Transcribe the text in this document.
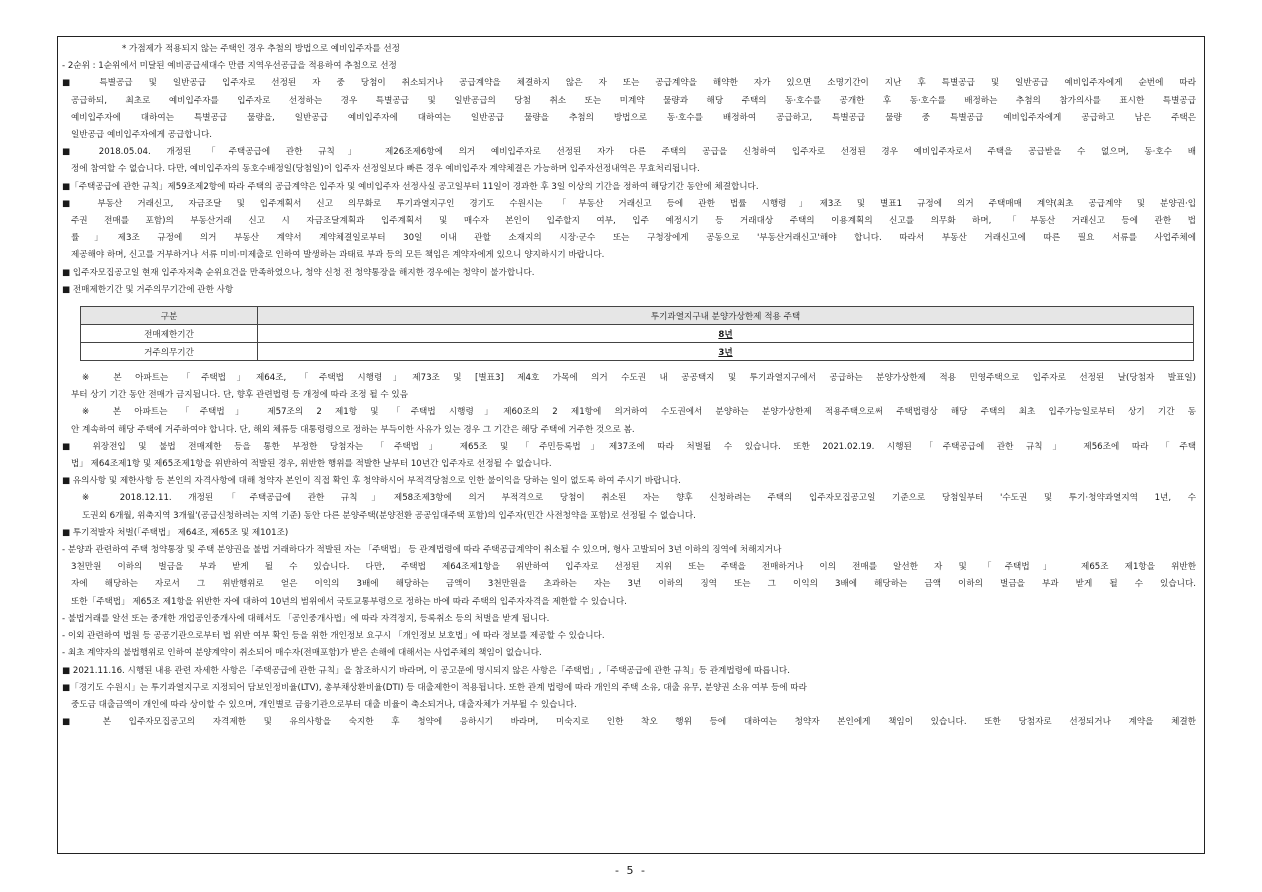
* 가점제가 적용되지 않는 주택인 경우 추첨의 방법으로 예비입주자를 선정

- 2순위 : 1순위에서 미달된 예비공급세대수 만큼 지역우선공급을 적용하여 추첨으로 선정

■ 특별공급 및 일반공급 입주자로 선정된 자 중 당첨이 취소되거나 공급계약을 체결하지 않은 자 또는 공급계약을 해약한 자가 있으면 소명기간이 지난 후 특별공급 및 일반공급 예비입주자에게 순번에 따라

공급하되, 최초로 예비입주자를 입주자로 선정하는 경우 특별공급 및 일반공급의 당첨 취소 또는 미계약 물량과 해당 주택의 동·호수를 공개한 후 동·호수를 배정하는 추첨의 참가의사를 표시한 특별공급

예비입주자에 대하여는 특별공급 물량을, 일반공급 예비입주자에 대하여는 일반공급 물량을 추첨의 방법으로 동·호수를 배정하여 공급하고, 특별공급 물량 중 특별공급 예비입주자에게 공급하고 남은 주택은

일반공급 예비입주자에게 공급합니다.

■ 2018.05.04. 개정된 「주택공급에 관한 규칙」 제26조제6항에 의거 예비입주자로 선정된 자가 다른 주택의 공급을 신청하여 입주자로 선정된 경우 예비입주자로서 주택을 공급받을 수 없으며, 동·호수 배

정에 참여할 수 없습니다. 다만, 예비입주자의 동호수배정일(당첨일)이 입주자 선정일보다 빠른 경우 예비입주자 계약체결은 가능하며 입주자선정내역은 무효처리됩니다.

■「주택공급에 관한 규칙」제59조제2항에 따라 주택의 공급계약은 입주자 및 예비입주자 선정사실 공고일부터 11일이 경과한 후 3일 이상의 기간을 정하여 해당기간 동안에 체결합니다.

■ 부동산 거래신고, 자금조달 및 입주계획서 신고 의무화로 투기과열지구인 경기도 수원시는 「부동산 거래신고 등에 관한 법률 시행령」제3조 및 별표1 규정에 의거 주택매매 계약(최초 공급계약 및 분양권·입

주권 전매를 포함)의 부동산거래 신고 시 자금조달계획과 입주계획서 및 매수자 본인이 입주할지 여부, 입주 예정시기 등 거래대상 주택의 이용계획의 신고를 의무화 하며, 「부동산 거래신고 등에 관한 법

률」제3조 규정에 의거 부동산 계약서 계약체결일로부터 30일 이내 관할 소재지의 시장·군수 또는 구청장에게 공동으로 '부동산거래신고'해야 합니다. 따라서 부동산 거래신고에 따른 필요 서류를 사업주체에

제공해야 하며, 신고를 거부하거나 서류 미비·미제출로 인하여 발생하는 과태료 부과 등의 모든 책임은 계약자에게 있으니 양지하시기 바랍니다.

■ 입주자모집공고일 현재 입주자저축 순위요건을 만족하였으나, 청약 신청 전 청약통장을 해지한 경우에는 청약이 불가합니다.

■ 전매제한기간 및 거주의무기간에 관한 사항

구분	투기과열지구내 분양가상한제 적용 주택
전매제한기간	8년
거주의무기간	3년

※ 본 아파트는 「주택법」제64조, 「주택법 시행령」제73조 및 [별표3] 제4호 가목에 의거 수도권 내 공공택지 및 투기과열지구에서 공급하는 분양가상한제 적용 민영주택으로 입주자로 선정된 날(당첨자 발표일)

부터 상기 기간 동안 전매가 금지됩니다. 단, 향후 관련법령 등 개정에 따라 조정 될 수 있음

※ 본 아파트는 「주택법」 제57조의 2 제1항 및 「주택법 시행령」제60조의 2 제1항에 의거하여 수도권에서 분양하는 분양가상한제 적용주택으로써 주택법령상 해당 주택의 최초 입주가능일로부터 상기 기간 동

안 계속하여 해당 주택에 거주하여야 합니다. 단, 해외 체류등 대통령령으로 정하는 부득이한 사유가 있는 경우 그 기간은 해당 주택에 거주한 것으로 봄.

■ 위장전입 및 불법 전매제한 등을 통한 부정한 당첨자는 「주택법」 제65조 및 「주민등록법」제37조에 따라 처벌될 수 있습니다. 또한 2021.02.19. 시행된 「주택공급에 관한 규칙」 제56조에 따라 「주택

법」 제64조제1항 및 제65조제1항을 위반하여 적발된 경우, 위반한 행위를 적발한 날부터 10년간 입주자로 선정될 수 없습니다.

■ 유의사항 및 제한사항 등 본인의 자격사항에 대해 청약자 본인이 직접 확인 후 청약하시어 부적격당첨으로 인한 불이익을 당하는 일이 없도록 하여 주시기 바랍니다.

※ 2018.12.11. 개정된「주택공급에 관한 규칙」제58조제3항에 의거 부적격으로 당첨이 취소된 자는 향후 신청하려는 주택의 입주자모집공고일 기준으로 당첨일부터 '수도권 및 투기·청약과열지역 1년, 수

도권외 6개월, 위축지역 3개월'(공급신청하려는 지역 기준) 동안 다른 분양주택(분양전환 공공임대주택 포함)의 입주자(민간 사전청약을 포함)로 선정될 수 없습니다.

■ 투기적발자 처벌(「주택법」 제64조, 제65조 및 제101조)

- 분양과 관련하여 주택 청약통장 및 주택 분양권을 불법 거래하다가 적발된 자는 「주택법」 등 관계법령에 따라 주택공급계약이 취소될 수 있으며, 형사 고발되어 3년 이하의 징역에 처해지거나

3천만원 이하의 벌금을 부과 받게 될 수 있습니다. 다만, 주택법 제64조제1항을 위반하여 입주자로 선정된 지위 또는 주택을 전매하거나 이의 전매를 알선한 자 및 「주택법」 제65조 제1항을 위반한

자에 해당하는 자로서 그 위반행위로 얻은 이익의 3배에 해당하는 금액이 3천만원을 초과하는 자는 3년 이하의 징역 또는 그 이익의 3배에 해당하는 금액 이하의 벌금을 부과 받게 될 수 있습니다.

또한「주택법」 제65조 제1항을 위반한 자에 대하여 10년의 범위에서 국토교통부령으로 정하는 바에 따라 주택의 입주자자격을 제한할 수 있습니다.

- 불법거래를 알선 또는 중개한 개업공인중개사에 대해서도 「공인중개사법」에 따라 자격정지, 등록취소 등의 처벌을 받게 됩니다.

- 이외 관련하여 법원 등 공공기관으로부터 법 위반 여부 확인 등을 위한 개인정보 요구시 「개인정보 보호법」에 따라 정보를 제공할 수 있습니다.

- 최초 계약자의 불법행위로 인하여 분양계약이 취소되어 매수자(전매포함)가 받은 손해에 대해서는 사업주체의 책임이 없습니다.

■ 2021.11.16. 시행된 내용 관련 자세한 사항은「주택공급에 관한 규칙」을 참조하시기 바라며, 이 공고문에 명시되지 않은 사항은「주택법」,「주택공급에 관한 규칙」등 관계법령에 따릅니다.

■「경기도 수원시」는 투기과열지구로 지정되어 담보인정비율(LTV), 총부채상환비율(DTI) 등 대출제한이 적용됩니다. 또한 관계 법령에 따라 개인의 주택 소유, 대출 유무, 분양권 소유 여부 등에 따라

중도금 대출금액이 개인에 따라 상이할 수 있으며, 개인별로 금융기관으로부터 대출 비율이 축소되거나, 대출자체가 거부될 수 있습니다.

■ 본 입주자모집공고의 자격제한 및 유의사항을 숙지한 후 청약에 응하시기 바라며, 미숙지로 인한 착오 행위 등에 대하여는 청약자 본인에게 책임이 있습니다. 또한 당첨자로 선정되거나 계약을 체결한

- 5 -
